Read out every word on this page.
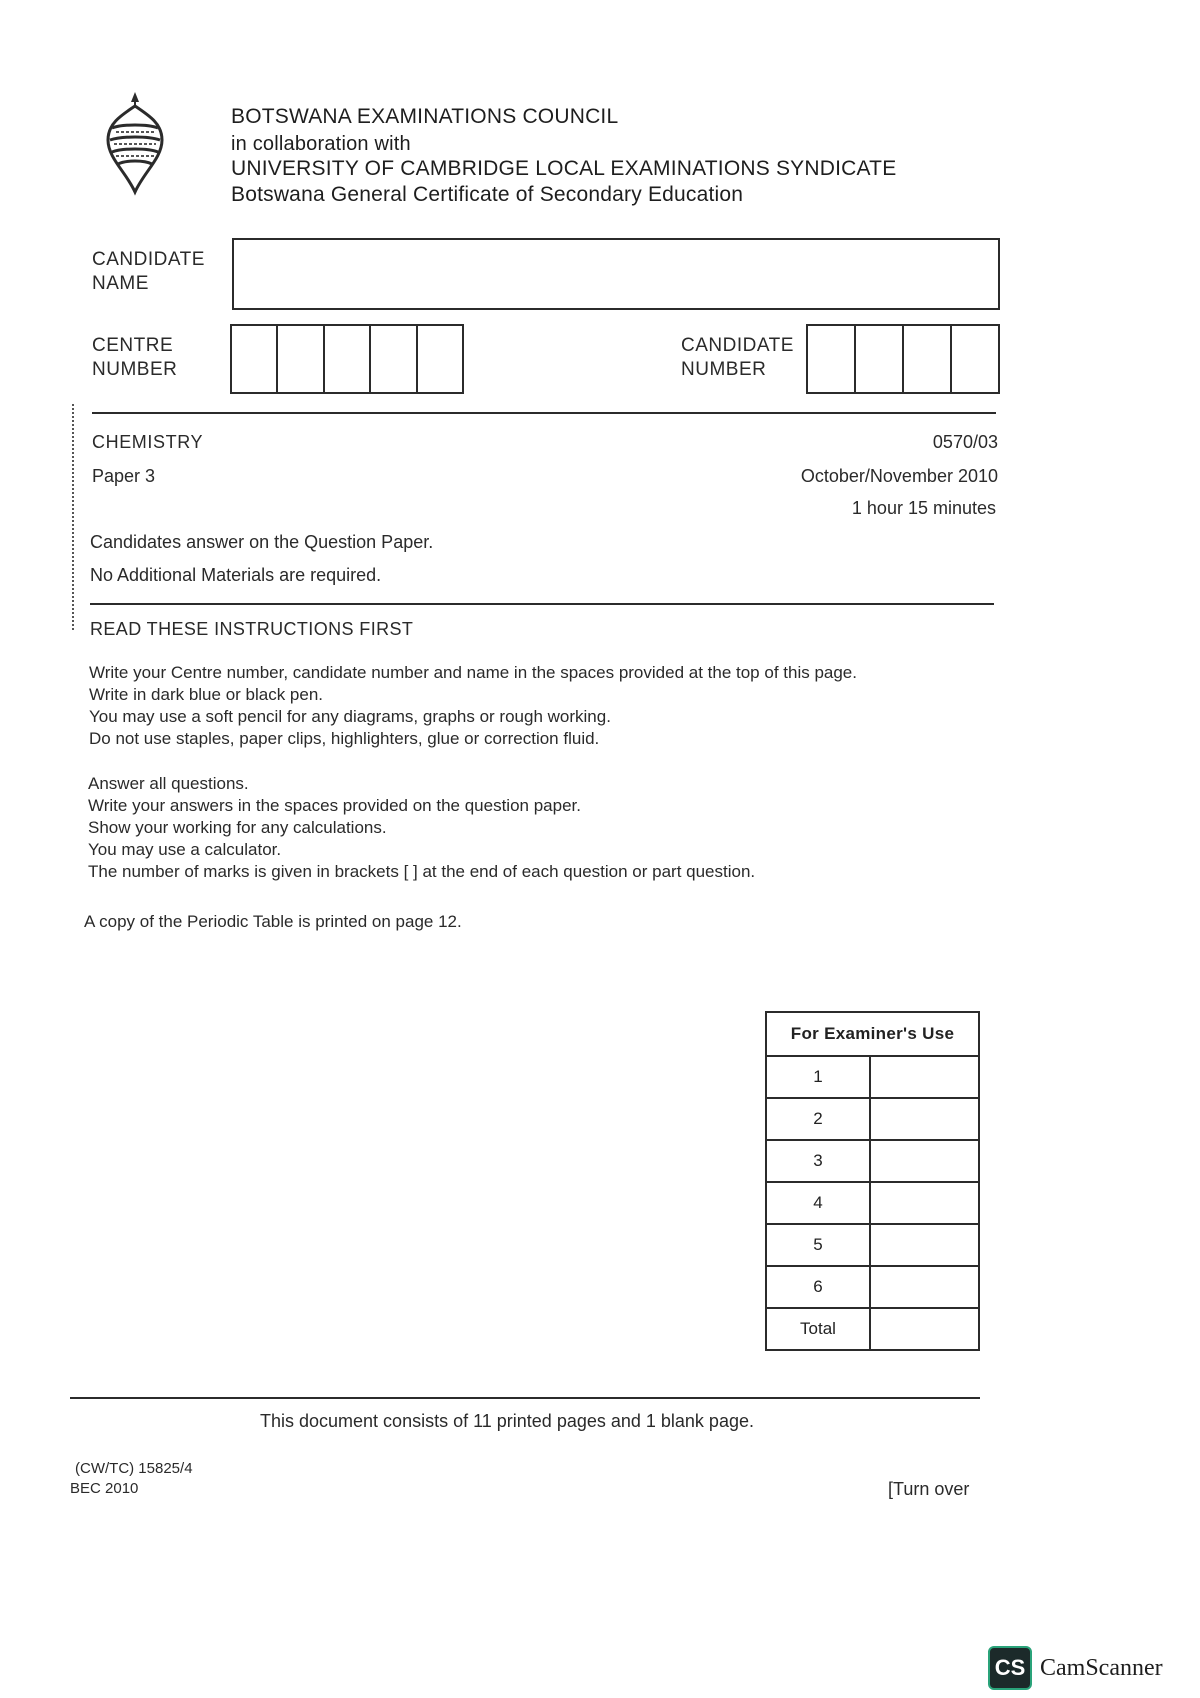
BOTSWANA EXAMINATIONS COUNCIL
in collaboration with
UNIVERSITY OF CAMBRIDGE LOCAL EXAMINATIONS SYNDICATE
Botswana General Certificate of Secondary Education
CANDIDATE
NAME
CENTRE
NUMBER
CANDIDATE
NUMBER
CHEMISTRY	0570/03
Paper 3	October/November 2010
1 hour 15 minutes
Candidates answer on the Question Paper.
No Additional Materials are required.
READ THESE INSTRUCTIONS FIRST
Write your Centre number, candidate number and name in the spaces provided at the top of this page.
Write in dark blue or black pen.
You may use a soft pencil for any diagrams, graphs or rough working.
Do not use staples, paper clips, highlighters, glue or correction fluid.
Answer all questions.
Write your answers in the spaces provided on the question paper.
Show your working for any calculations.
You may use a calculator.
The number of marks is given in brackets [ ] at the end of each question or part question.
A copy of the Periodic Table is printed on page 12.
For Examiner's Use	
1	
2	
3	
4	
5	
6	
Total	
This document consists of 11 printed pages and 1 blank page.
(CW/TC) 15825/4
BEC 2010	[Turn over
CS CamScanner
